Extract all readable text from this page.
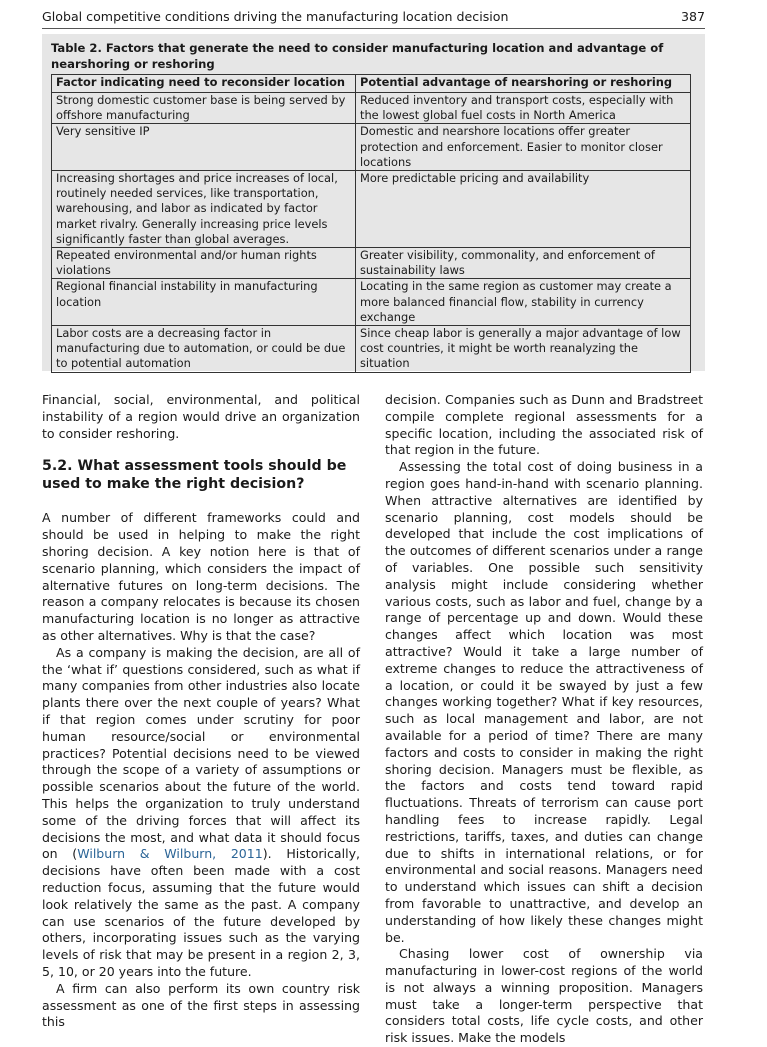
Global competitive conditions driving the manufacturing location decision	387
Table 2. Factors that generate the need to consider manufacturing location and advantage of nearshoring or reshoring
Factor indicating need to reconsider location	Potential advantage of nearshoring or reshoring
Strong domestic customer base is being served by offshore manufacturing	Reduced inventory and transport costs, especially with the lowest global fuel costs in North America
Very sensitive IP	Domestic and nearshore locations offer greater protection and enforcement. Easier to monitor closer locations
Increasing shortages and price increases of local, routinely needed services, like transportation, warehousing, and labor as indicated by factor market rivalry. Generally increasing price levels significantly faster than global averages.	More predictable pricing and availability
Repeated environmental and/or human rights violations	Greater visibility, commonality, and enforcement of sustainability laws
Regional financial instability in manufacturing location	Locating in the same region as customer may create a more balanced financial flow, stability in currency exchange
Labor costs are a decreasing factor in manufacturing due to automation, or could be due to potential automation	Since cheap labor is generally a major advantage of low cost countries, it might be worth reanalyzing the situation

Financial, social, environmental, and political instability of a region would drive an organization to consider reshoring.

5.2. What assessment tools should be used to make the right decision?

A number of different frameworks could and should be used in helping to make the right shoring decision. A key notion here is that of scenario planning, which considers the impact of alternative futures on long-term decisions. The reason a company relocates is because its chosen manufacturing location is no longer as attractive as other alternatives. Why is that the case?

As a company is making the decision, are all of the ‘what if’ questions considered, such as what if many companies from other industries also locate plants there over the next couple of years? What if that region comes under scrutiny for poor human resource/social or environmental practices? Potential decisions need to be viewed through the scope of a variety of assumptions or possible scenarios about the future of the world. This helps the organization to truly understand some of the driving forces that will affect its decisions the most, and what data it should focus on (Wilburn & Wilburn, 2011). Historically, decisions have often been made with a cost reduction focus, assuming that the future would look relatively the same as the past. A company can use scenarios of the future developed by others, incorporating issues such as the varying levels of risk that may be present in a region 2, 3, 5, 10, or 20 years into the future.

A firm can also perform its own country risk assessment as one of the first steps in assessing this

decision. Companies such as Dunn and Bradstreet compile complete regional assessments for a specific location, including the associated risk of that region in the future.

Assessing the total cost of doing business in a region goes hand-in-hand with scenario planning. When attractive alternatives are identified by scenario planning, cost models should be developed that include the cost implications of the outcomes of different scenarios under a range of variables. One possible such sensitivity analysis might include considering whether various costs, such as labor and fuel, change by a range of percentage up and down. Would these changes affect which location was most attractive? Would it take a large number of extreme changes to reduce the attractiveness of a location, or could it be swayed by just a few changes working together? What if key resources, such as local management and labor, are not available for a period of time? There are many factors and costs to consider in making the right shoring decision. Managers must be flexible, as the factors and costs tend toward rapid fluctuations. Threats of terrorism can cause port handling fees to increase rapidly. Legal restrictions, tariffs, taxes, and duties can change due to shifts in international relations, or for environmental and social reasons. Managers need to understand which issues can shift a decision from favorable to unattractive, and develop an understanding of how likely these changes might be.

Chasing lower cost of ownership via manufacturing in lower-cost regions of the world is not always a winning proposition. Managers must take a longer-term perspective that considers total costs, life cycle costs, and other risk issues. Make the models
